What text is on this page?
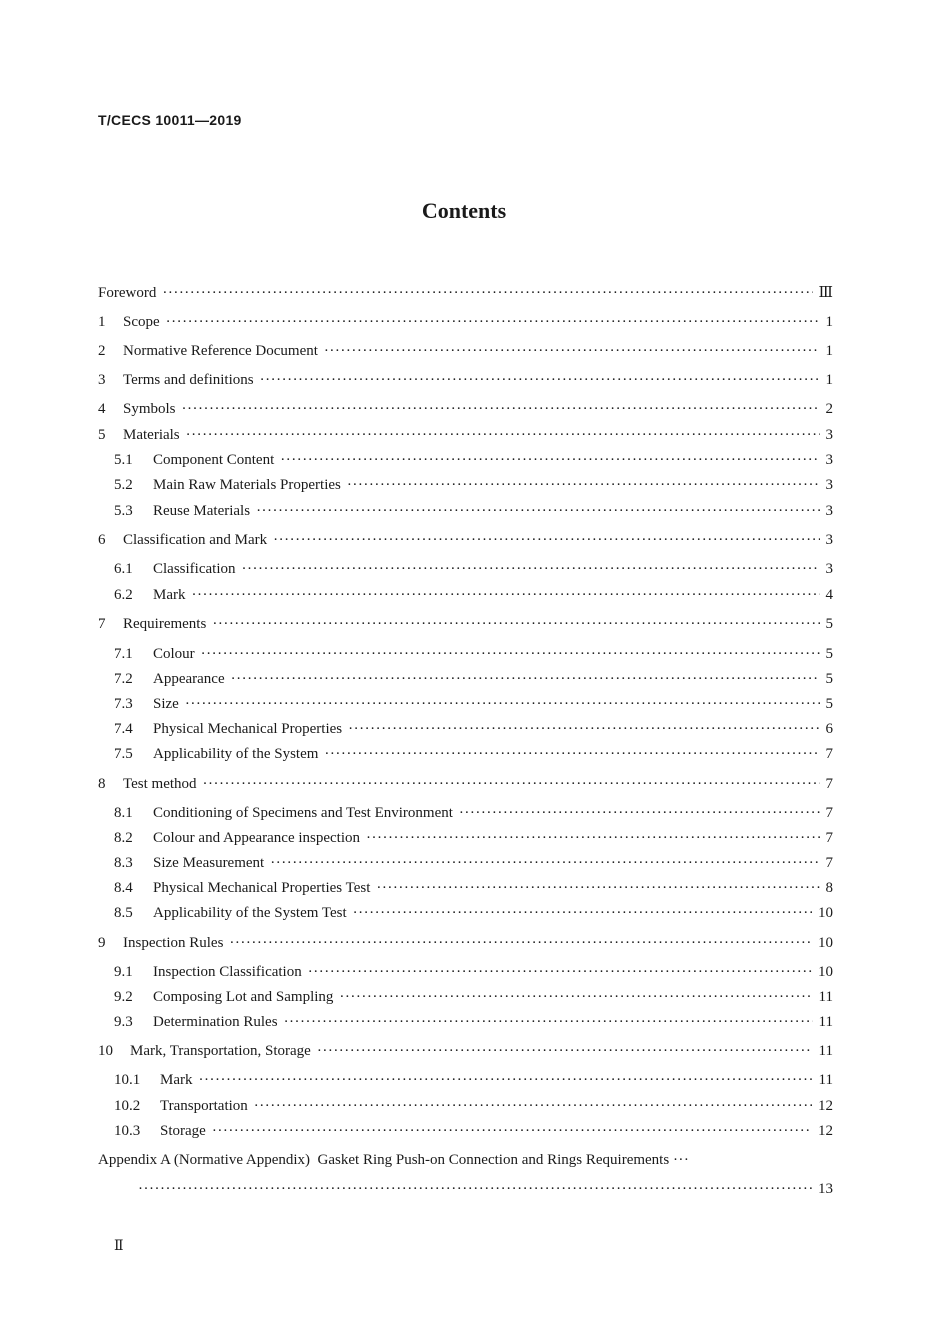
T/CECS 10011—2019
Contents
Foreword ·····	Ⅲ
1	Scope ·····	1
2	Normative Reference Document ·····	1
3	Terms and definitions ·····	1
4	Symbols ·····	2
5	Materials ·····	3
5.1	Component Content ·····	3
5.2	Main Raw Materials Properties ·····	3
5.3	Reuse Materials ·····	3
6	Classification and Mark ·····	3
6.1	Classification ·····	3
6.2	Mark ·····	4
7	Requirements ·····	5
7.1	Colour ·····	5
7.2	Appearance ·····	5
7.3	Size ·····	5
7.4	Physical Mechanical Properties ·····	6
7.5	Applicability of the System ·····	7
8	Test method ·····	7
8.1	Conditioning of Specimens and Test Environment ·····	7
8.2	Colour and Appearance inspection ·····	7
8.3	Size Measurement ·····	7
8.4	Physical Mechanical Properties Test ·····	8
8.5	Applicability of the System Test ·····	10
9	Inspection Rules ·····	10
9.1	Inspection Classification ·····	10
9.2	Composing Lot and Sampling ·····	11
9.3	Determination Rules ·····	11
10	Mark, Transportation, Storage ·····	11
10.1	Mark ·····	11
10.2	Transportation ·····	12
10.3	Storage ·····	12
Appendix A (Normative Appendix)  Gasket Ring Push-on Connection and Rings Requirements ···
·····
13
Ⅱ
